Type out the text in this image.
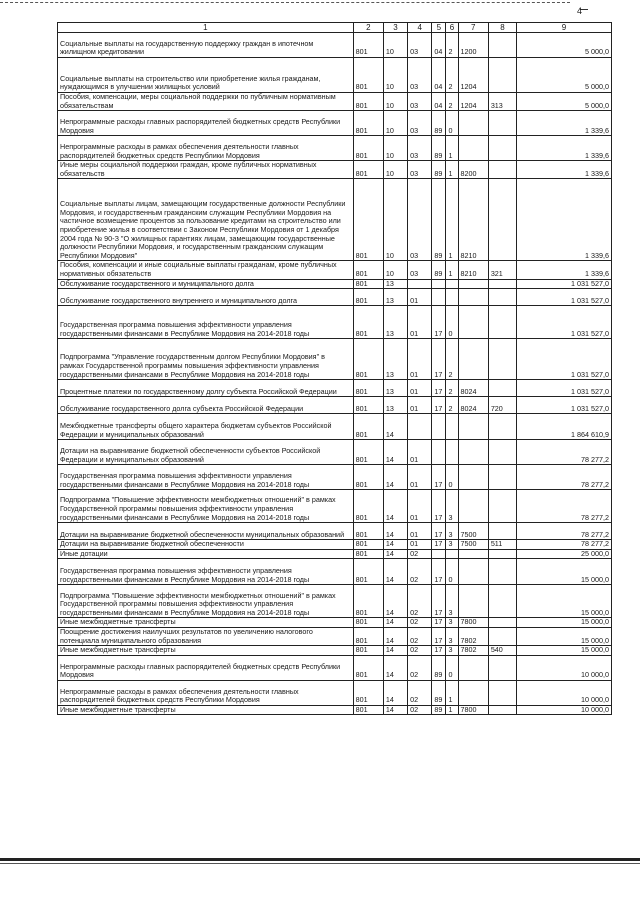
4
1	2	3	4	5	6	7	8	9
Социальные выплаты на государственную поддержку граждан в ипотечном жилищном кредитовании	801	10	03	04	2	1200		5 000,0
Социальные выплаты на строительство или приобретение жилья гражданам, нуждающимся в улучшении жилищных условий	801	10	03	04	2	1204		5 000,0
Пособия, компенсации, меры социальной поддержки по публичным нормативным обязательствам	801	10	03	04	2	1204	313	5 000,0
Непрограммные расходы главных распорядителей бюджетных средств Республики Мордовия	801	10	03	89	0			1 339,6
Непрограммные расходы в рамках обеспечения деятельности главных распорядителей бюджетных средств Республики Мордовия	801	10	03	89	1			1 339,6
Иные меры социальной поддержки граждан, кроме публичных нормативных обязательств	801	10	03	89	1	8200		1 339,6
Социальные выплаты лицам, замещающим государственные должности Республики Мордовия, и государственным гражданским служащим Республики Мордовия на частичное возмещение процентов за пользование кредитами на строительство или приобретение жилья в соответствии с Законом Республики Мордовия от 1 декабря 2004 года № 90-З "О жилищных гарантиях лицам, замещающим государственные должности Республики Мордовия, и государственным гражданским служащим Республики Мордовия"	801	10	03	89	1	8210		1 339,6
Пособия, компенсации и иные социальные выплаты гражданам, кроме публичных нормативных обязательств	801	10	03	89	1	8210	321	1 339,6
Обслуживание государственного и муниципального долга	801	13						1 031 527,0
Обслуживание государственного внутреннего и муниципального долга	801	13	01					1 031 527,0
Государственная программа повышения эффективности управления государственными финансами в Республике Мордовия на 2014-2018 годы	801	13	01	17	0			1 031 527,0
Подпрограмма "Управление государственным долгом Республики Мордовия" в рамках Государственной программы повышения эффективности управления государственными финансами в Республике Мордовия на 2014-2018 годы	801	13	01	17	2			1 031 527,0
Процентные платежи по государственному долгу субъекта Российской Федерации	801	13	01	17	2	8024		1 031 527,0
Обслуживание государственного долга субъекта Российской Федерации	801	13	01	17	2	8024	720	1 031 527,0
Межбюджетные трансферты общего характера бюджетам субъектов Российской Федерации и муниципальных образований	801	14						1 864 610,9
Дотации на выравнивание бюджетной обеспеченности субъектов Российской Федерации и муниципальных образований	801	14	01					78 277,2
Государственная программа повышения эффективности управления государственными финансами в Республике Мордовия на 2014-2018 годы	801	14	01	17	0			78 277,2
Подпрограмма "Повышение эффективности межбюджетных отношений" в рамках Государственной программы повышения эффективности управления государственными финансами в Республике Мордовия на 2014-2018 годы	801	14	01	17	3			78 277,2
Дотации на выравнивание бюджетной обеспеченности муниципальных образований	801	14	01	17	3	7500		78 277,2
Дотации на выравнивание бюджетной обеспеченности	801	14	01	17	3	7500	511	78 277,2
Иные дотации	801	14	02					25 000,0
Государственная программа повышения эффективности управления государственными финансами в Республике Мордовия на 2014-2018 годы	801	14	02	17	0			15 000,0
Подпрограмма "Повышение эффективности межбюджетных отношений" в рамках Государственной программы повышения эффективности управления государственными финансами в Республике Мордовия на 2014-2018 годы	801	14	02	17	3			15 000,0
Иные межбюджетные трансферты	801	14	02	17	3	7800		15 000,0
Поощрение достижения наилучших результатов по увеличению налогового потенциала муниципального образования	801	14	02	17	3	7802		15 000,0
Иные межбюджетные трансферты	801	14	02	17	3	7802	540	15 000,0
Непрограммные расходы главных распорядителей бюджетных средств Республики Мордовия	801	14	02	89	0			10 000,0
Непрограммные расходы в рамках обеспечения деятельности главных распорядителей бюджетных средств Республики Мордовия	801	14	02	89	1			10 000,0
Иные межбюджетные трансферты	801	14	02	89	1	7800		10 000,0
